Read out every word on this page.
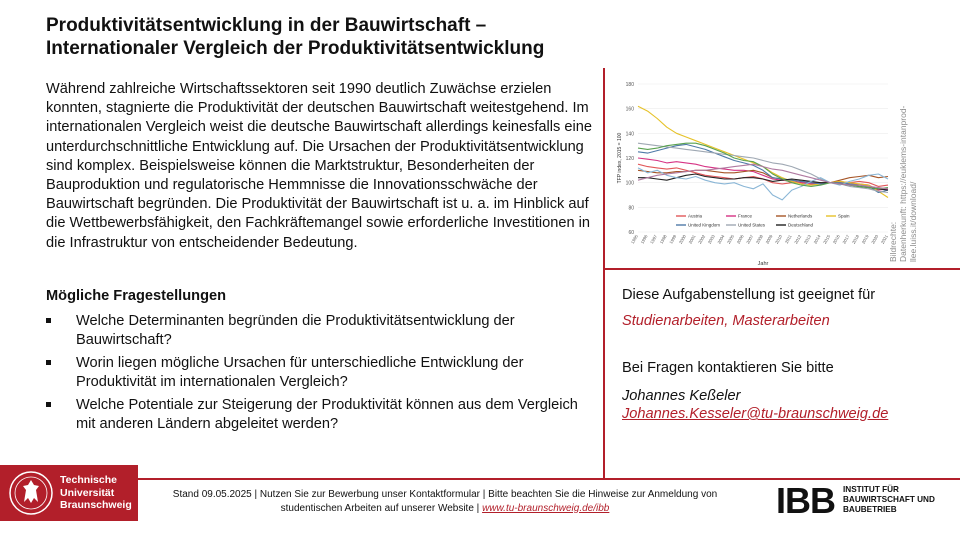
Produktivitätsentwicklung in der Bauwirtschaft –
Internationaler Vergleich der Produktivitätsentwicklung
Während zahlreiche Wirtschaftssektoren seit 1990 deutlich Zuwächse erzielen konnten, stagnierte die Produktivität der deutschen Bauwirtschaft weitestgehend. Im internationalen Vergleich weist die deutsche Bauwirtschaft allerdings keinesfalls eine unterdurchschnittliche Entwicklung auf. Die Ursachen der Produktivitätsentwicklung sind komplex. Beispielsweise können die Marktstruktur, Besonderheiten der Bauproduktion und regulatorische Hemmnisse die Innovationsschwäche der Bauwirtschaft begründen. Die Produktivität der Bauwirtschaft ist u. a. im Hinblick auf die Wettbewerbsfähigkeit, den Fachkräftemangel sowie erforderliche Investitionen in die Infrastruktur von entscheidender Bedeutung.
Mögliche Fragestellungen
Welche Determinanten begründen die Produktivitätsentwicklung der Bauwirtschaft?
Worin liegen mögliche Ursachen für unterschiedliche Entwicklung der Produktivität im internationalen Vergleich?
Welche Potentiale zur Steigerung der Produktivität können aus dem Vergleich mit anderen Ländern abgeleitet werden?
60
80
100
120
140
160
180
1995 1996 1997 1998 1999 2000 2001 2002 2003 2004 2005 2006 2007 2008 2009 2010 2011 2012 2013 2014 2015 2016 2017 2018 2019 2020 2021
TFP index, 2015 = 100
Jahr
Austria	France	Netherlands	Spain
United Kingdom	United States	Deutschland	Bildrechte: Datenherkunft: https://euklems-intanprod- llee.luiss.it/download/
Diese Aufgabenstellung ist geeignet für
Studienarbeiten, Masterarbeiten
Bei Fragen kontaktieren Sie bitte
Johannes Keßeler
Johannes.Kesseler@tu-braunschweig.de
Technische
Universität
Braunschweig
Stand 09.05.2025 | Nutzen Sie zur Bewerbung unser Kontaktformular | Bitte beachten Sie die Hinweise zur Anmeldung von
studentischen Arbeiten auf unserer Website | www.tu-braunschweig.de/ibb	IBB INSTITUT FÜR
BAUWIRTSCHAFT UND
BAUBETRIEB
